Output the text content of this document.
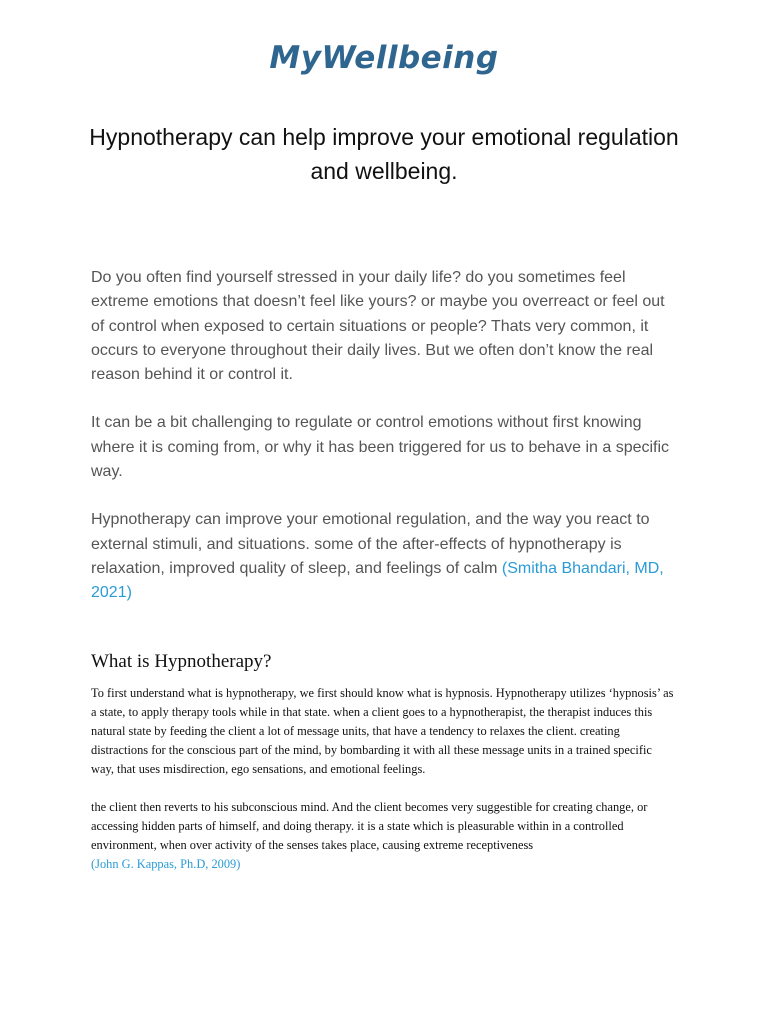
MyWellbeing
Hypnotherapy can help improve your emotional regulation and wellbeing.

Do you often find yourself stressed in your daily life? do you sometimes feel extreme emotions that doesn’t feel like yours? or maybe you overreact or feel out of control when exposed to certain situations or people? Thats very common, it occurs to everyone throughout their daily lives. But we often don’t know the real reason behind it or control it.

It can be a bit challenging to regulate or control emotions without first knowing where it is coming from, or why it has been triggered for us to behave in a specific way.

Hypnotherapy can improve your emotional regulation, and the way you react to external stimuli, and situations. some of the after-effects of hypnotherapy is relaxation, improved quality of sleep, and feelings of calm (Smitha Bhandari, MD, 2021)

What is Hypnotherapy?

To first understand what is hypnotherapy, we first should know what is hypnosis. Hypnotherapy utilizes ‘hypnosis’ as a state, to apply therapy tools while in that state. when a client goes to a hypnotherapist, the therapist induces this natural state by feeding the client a lot of message units, that have a tendency to relaxes the client. creating distractions for the conscious part of the mind, by bombarding it with all these message units in a trained specific way, that uses misdirection, ego sensations, and emotional feelings.

the client then reverts to his subconscious mind. And the client becomes very suggestible for creating change, or accessing hidden parts of himself, and doing therapy. it is a state which is pleasurable within in a controlled environment, when over activity of the senses takes place, causing extreme receptiveness
(John G. Kappas, Ph.D, 2009)
